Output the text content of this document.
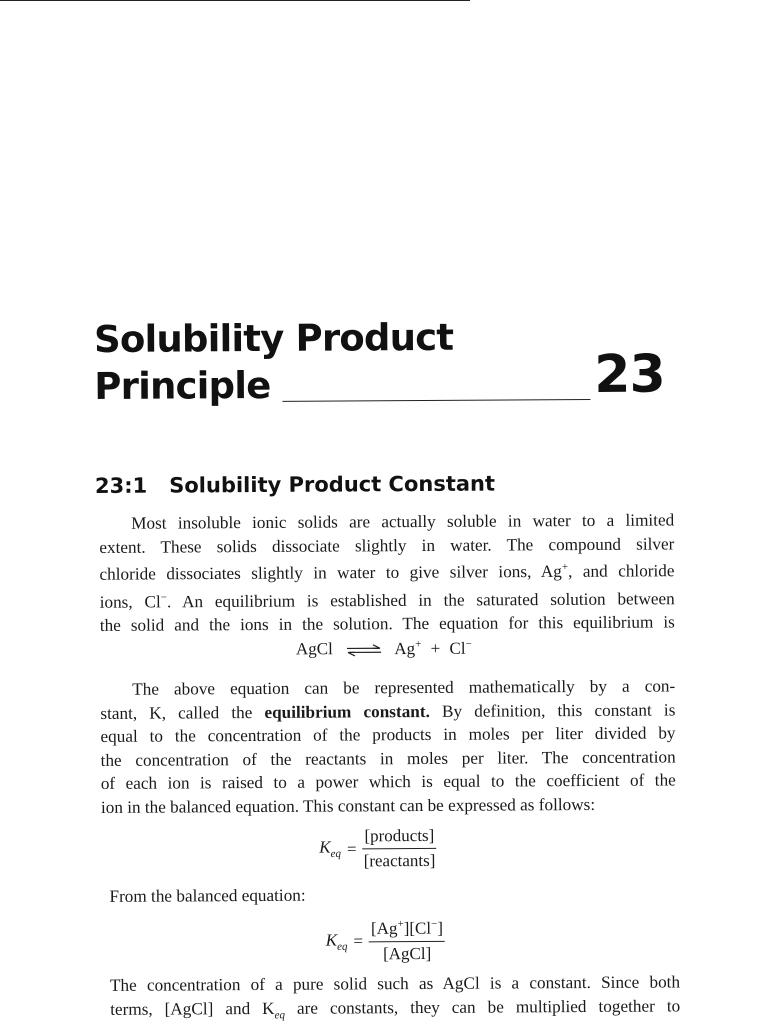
Solubility Product
Principle	23
23:1 Solubility Product Constant
Most insoluble ionic solids are actually soluble in water to a limited
extent. These solids dissociate slightly in water. The compound silver
chloride dissociates slightly in water to give silver ions, Ag+, and chloride
ions, Cl−. An equilibrium is established in the saturated solution between
the solid and the ions in the solution. The equation for this equilibrium is
AgCl ⇌ Ag+ + Cl−
The above equation can be represented mathematically by a con-
stant, K, called the equilibrium constant. By definition, this constant is
equal to the concentration of the products in moles per liter divided by
the concentration of the reactants in moles per liter. The concentration
of each ion is raised to a power which is equal to the coefficient of the
ion in the balanced equation. This constant can be expressed as follows:
$K_{eq} = \frac{\text{[products]}}{\text{[reactants]}}$
From the balanced equation:
$K_{eq} = \frac{[Ag^+][Cl^-]}{\text{[AgCl]}}$
The concentration of a pure solid such as AgCl is a constant. Since both
terms, [AgCl] and $K_{eq}$ are constants, they can be multiplied together to
